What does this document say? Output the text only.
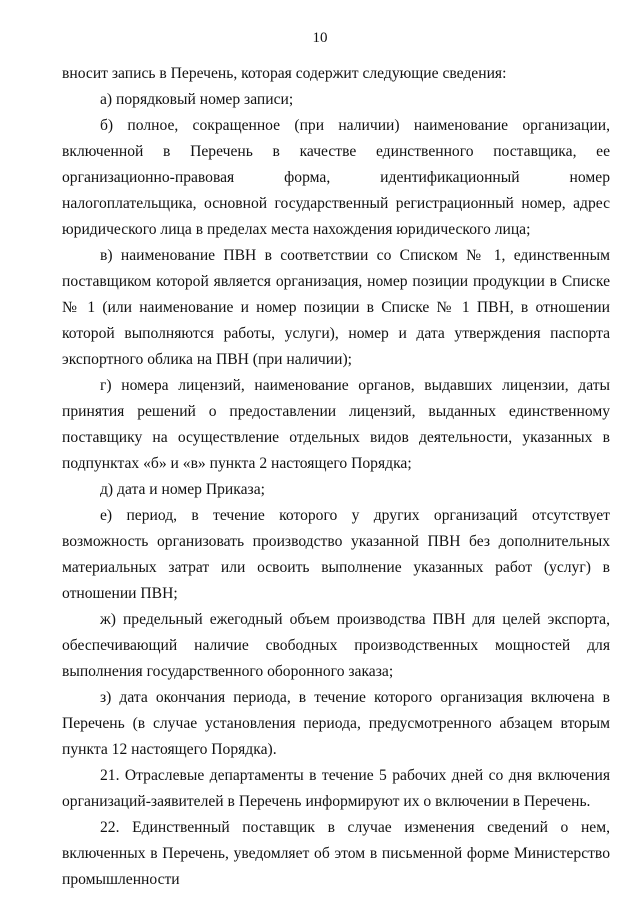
10

вносит запись в Перечень, которая содержит следующие сведения:

а) порядковый номер записи;

б) полное, сокращенное (при наличии) наименование организации, включенной в Перечень в качестве единственного поставщика, ее организационно-правовая форма, идентификационный номер налогоплательщика, основной государственный регистрационный номер, адрес юридического лица в пределах места нахождения юридического лица;

в) наименование ПВН в соответствии со Списком № 1, единственным поставщиком которой является организация, номер позиции продукции в Списке № 1 (или наименование и номер позиции в Списке № 1 ПВН, в отношении которой выполняются работы, услуги), номер и дата утверждения паспорта экспортного облика на ПВН (при наличии);

г) номера лицензий, наименование органов, выдавших лицензии, даты принятия решений о предоставлении лицензий, выданных единственному поставщику на осуществление отдельных видов деятельности, указанных в подпунктах «б» и «в» пункта 2 настоящего Порядка;

д) дата и номер Приказа;

е) период, в течение которого у других организаций отсутствует возможность организовать производство указанной ПВН без дополнительных материальных затрат или освоить выполнение указанных работ (услуг) в отношении ПВН;

ж) предельный ежегодный объем производства ПВН для целей экспорта, обеспечивающий наличие свободных производственных мощностей для выполнения государственного оборонного заказа;

з) дата окончания периода, в течение которого организация включена в Перечень (в случае установления периода, предусмотренного абзацем вторым пункта 12 настоящего Порядка).

21. Отраслевые департаменты в течение 5 рабочих дней со дня включения организаций-заявителей в Перечень информируют их о включении в Перечень.

22. Единственный поставщик в случае изменения сведений о нем, включенных в Перечень, уведомляет об этом в письменной форме Министерство промышленности
